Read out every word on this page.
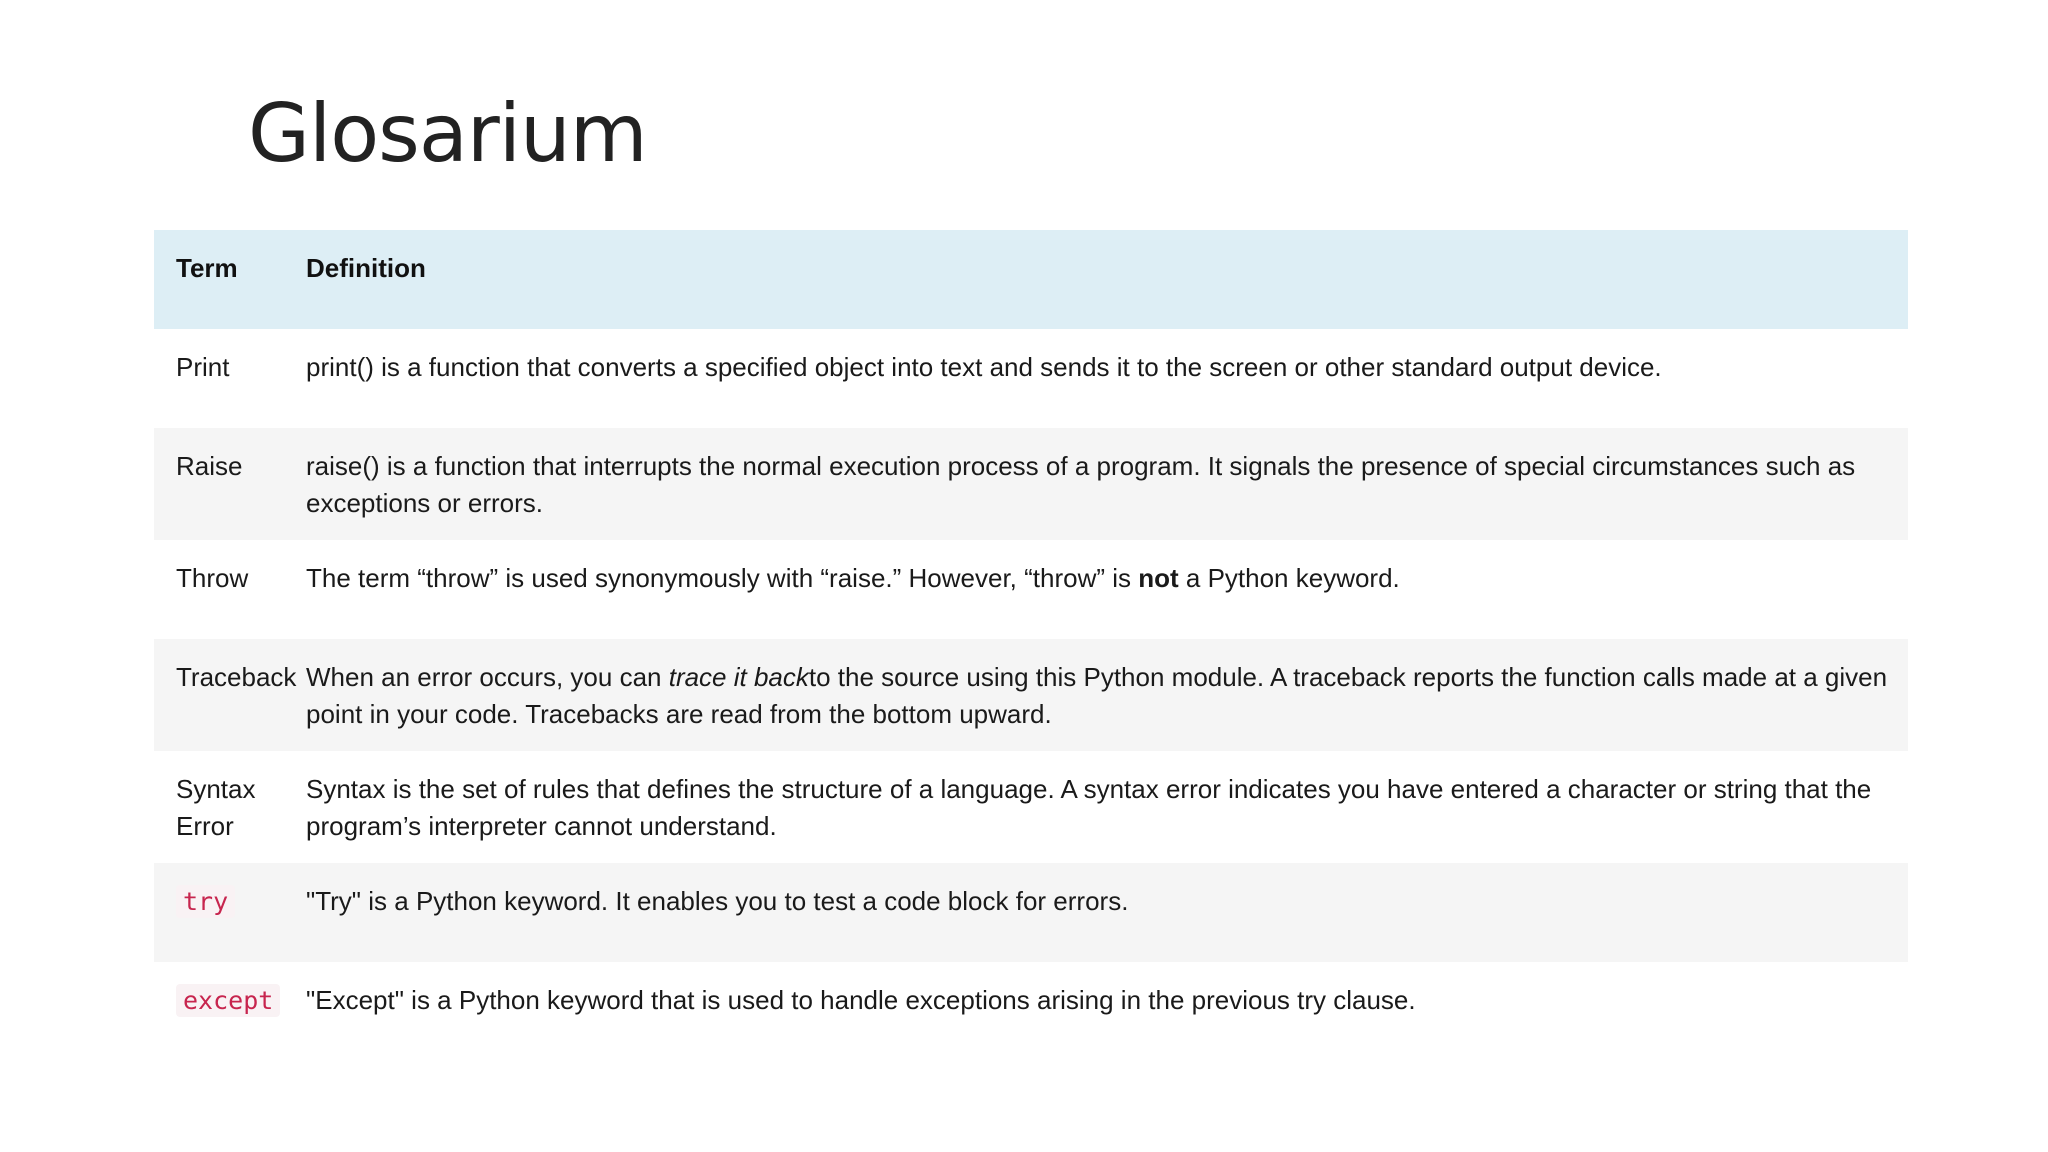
Glosarium
Term	Definition
Print	print() is a function that converts a specified object into text and sends it to the screen or other standard output device.
Raise	raise() is a function that interrupts the normal execution process of a program. It signals the presence of special circumstances such as exceptions or errors.
Throw	The term “throw” is used synonymously with “raise.” However, “throw” is not a Python keyword.
Traceback	When an error occurs, you can trace it backto the source using this Python module. A traceback reports the function calls made at a given point in your code. Tracebacks are read from the bottom upward.
Syntax Error	Syntax is the set of rules that defines the structure of a language. A syntax error indicates you have entered a character or string that the program’s interpreter cannot understand.
try	"Try" is a Python keyword. It enables you to test a code block for errors.
except	"Except" is a Python keyword that is used to handle exceptions arising in the previous try clause.
